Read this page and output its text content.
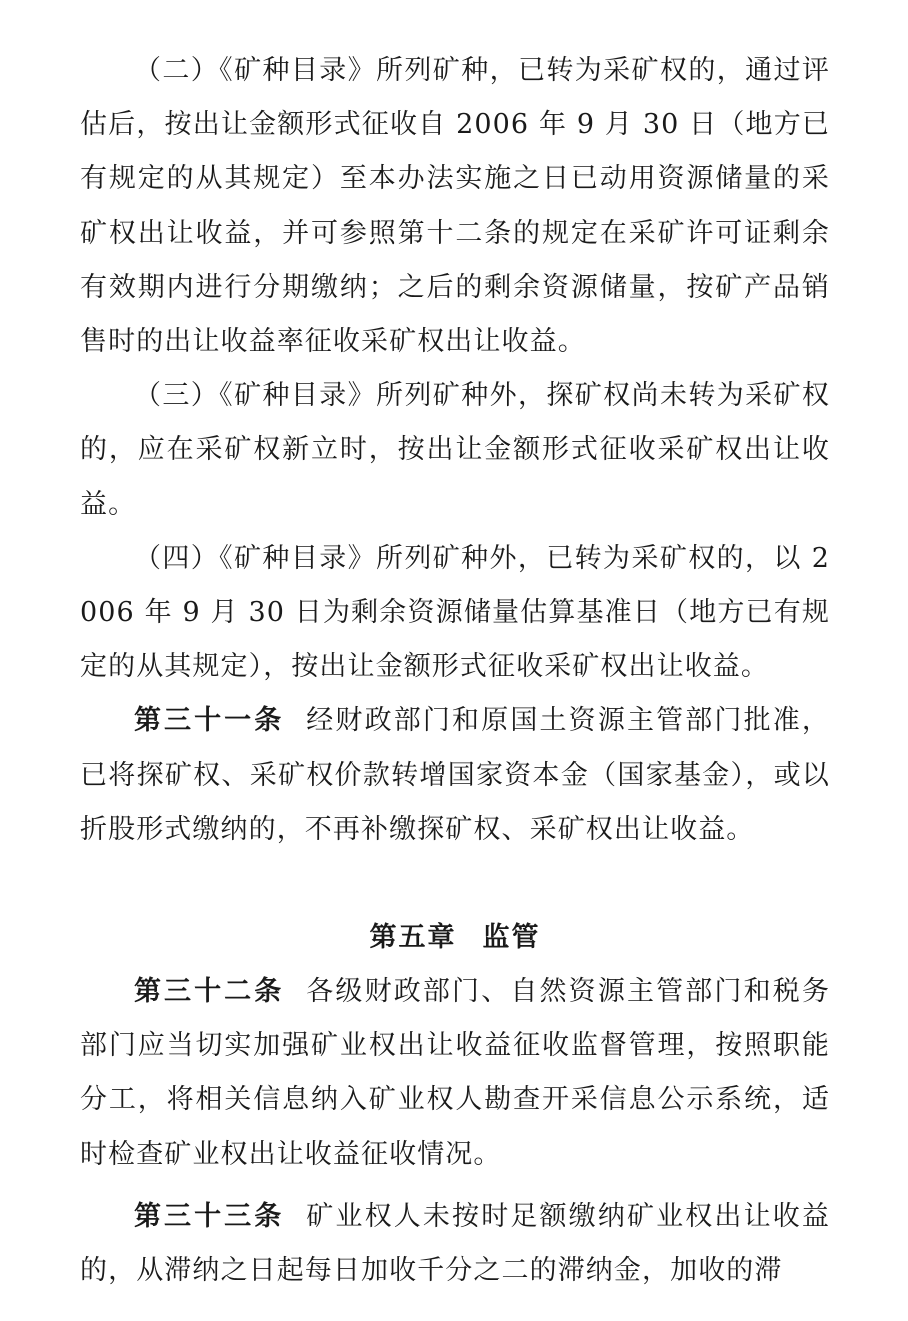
（二）《矿种目录》所列矿种，已转为采矿权的，通过评估后，按出让金额形式征收自 2006 年 9 月 30 日（地方已有规定的从其规定）至本办法实施之日已动用资源储量的采矿权出让收益，并可参照第十二条的规定在采矿许可证剩余有效期内进行分期缴纳；之后的剩余资源储量，按矿产品销售时的出让收益率征收采矿权出让收益。

（三）《矿种目录》所列矿种外，探矿权尚未转为采矿权的，应在采矿权新立时，按出让金额形式征收采矿权出让收益。

（四）《矿种目录》所列矿种外，已转为采矿权的，以 2006 年 9 月 30 日为剩余资源储量估算基准日（地方已有规定的从其规定），按出让金额形式征收采矿权出让收益。

第三十一条 经财政部门和原国土资源主管部门批准，已将探矿权、采矿权价款转增国家资本金（国家基金），或以折股形式缴纳的，不再补缴探矿权、采矿权出让收益。

第五章 监管

第三十二条 各级财政部门、自然资源主管部门和税务部门应当切实加强矿业权出让收益征收监督管理，按照职能分工，将相关信息纳入矿业权人勘查开采信息公示系统，适时检查矿业权出让收益征收情况。

第三十三条 矿业权人未按时足额缴纳矿业权出让收益的，从滞纳之日起每日加收千分之二的滞纳金，加收的滞
